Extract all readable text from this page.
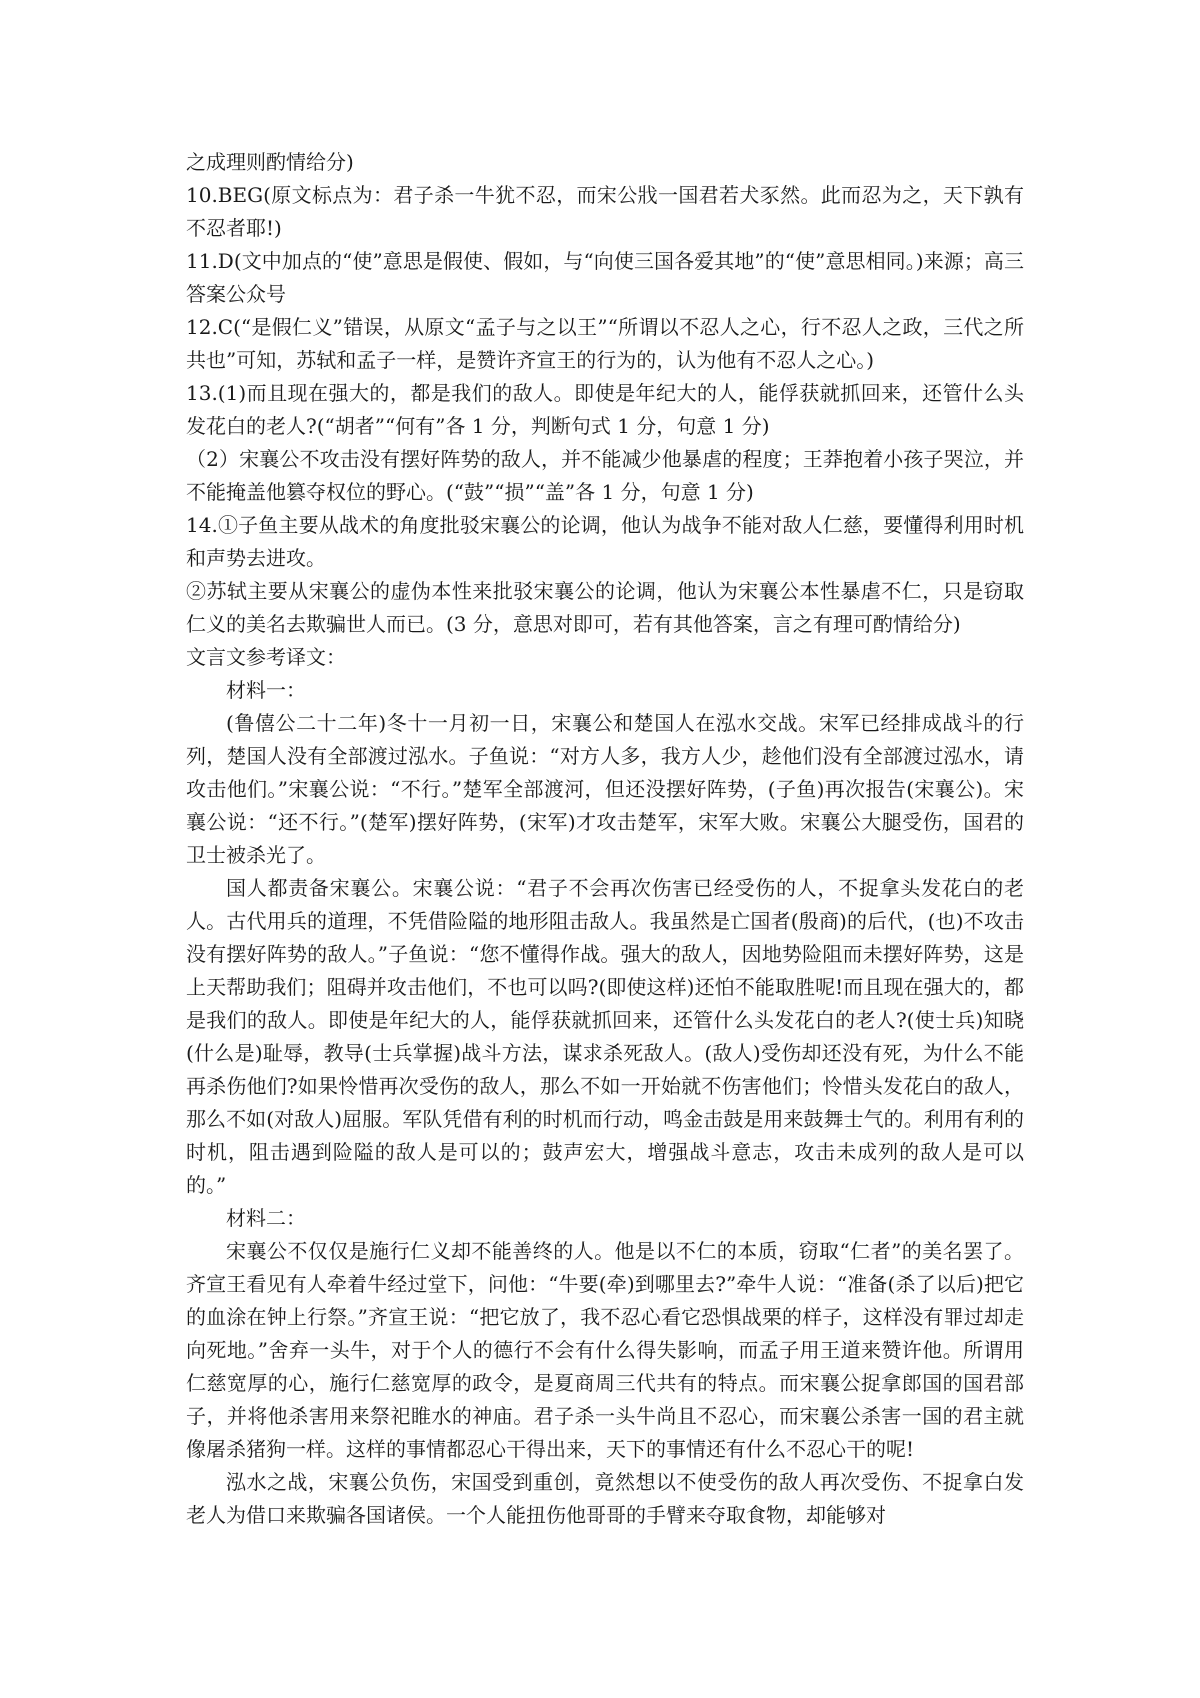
之成理则酌情给分)

10.BEG(原文标点为：君子杀一牛犹不忍，而宋公戕一国君若犬豕然。此而忍为之，天下孰有不忍者耶!)

11.D(文中加点的“使”意思是假使、假如，与“向使三国各爱其地”的“使”意思相同。)来源；高三答案公众号

12.C(“是假仁义”错误，从原文“孟子与之以王”“所谓以不忍人之心，行不忍人之政，三代之所共也”可知，苏轼和孟子一样，是赞许齐宣王的行为的，认为他有不忍人之心。)

13.(1)而且现在强大的，都是我们的敌人。即使是年纪大的人，能俘获就抓回来，还管什么头发花白的老人?(“胡者”“何有”各 1 分，判断句式 1 分，句意 1 分)

（2）宋襄公不攻击没有摆好阵势的敌人，并不能减少他暴虐的程度；王莽抱着小孩子哭泣，并不能掩盖他篡夺权位的野心。(“鼓”“损”“盖”各 1 分，句意 1 分)

14.①子鱼主要从战术的角度批驳宋襄公的论调，他认为战争不能对敌人仁慈，要懂得利用时机和声势去进攻。

②苏轼主要从宋襄公的虚伪本性来批驳宋襄公的论调，他认为宋襄公本性暴虐不仁，只是窃取仁义的美名去欺骗世人而已。(3 分，意思对即可，若有其他答案，言之有理可酌情给分)

文言文参考译文：

材料一：

(鲁僖公二十二年)冬十一月初一日，宋襄公和楚国人在泓水交战。宋军已经排成战斗的行列，楚国人没有全部渡过泓水。子鱼说：“对方人多，我方人少，趁他们没有全部渡过泓水，请攻击他们。”宋襄公说：“不行。”楚军全部渡河，但还没摆好阵势，(子鱼)再次报告(宋襄公)。宋襄公说：“还不行。”(楚军)摆好阵势，(宋军)才攻击楚军，宋军大败。宋襄公大腿受伤，国君的卫士被杀光了。

国人都责备宋襄公。宋襄公说：“君子不会再次伤害已经受伤的人，不捉拿头发花白的老人。古代用兵的道理，不凭借险隘的地形阻击敌人。我虽然是亡国者(殷商)的后代，(也)不攻击没有摆好阵势的敌人。”子鱼说：“您不懂得作战。强大的敌人，因地势险阻而未摆好阵势，这是上天帮助我们；阻碍并攻击他们，不也可以吗?(即使这样)还怕不能取胜呢!而且现在强大的，都是我们的敌人。即使是年纪大的人，能俘获就抓回来，还管什么头发花白的老人?(使士兵)知晓(什么是)耻辱，教导(士兵掌握)战斗方法，谋求杀死敌人。(敌人)受伤却还没有死，为什么不能再杀伤他们?如果怜惜再次受伤的敌人，那么不如一开始就不伤害他们；怜惜头发花白的敌人，那么不如(对敌人)屈服。军队凭借有利的时机而行动，鸣金击鼓是用来鼓舞士气的。利用有利的时机，阻击遇到险隘的敌人是可以的；鼓声宏大，增强战斗意志，攻击未成列的敌人是可以的。”

材料二：

宋襄公不仅仅是施行仁义却不能善终的人。他是以不仁的本质，窃取“仁者”的美名罢了。齐宣王看见有人牵着牛经过堂下，问他：“牛要(牵)到哪里去?”牵牛人说：“准备(杀了以后)把它的血涂在钟上行祭。”齐宣王说：“把它放了，我不忍心看它恐惧战栗的样子，这样没有罪过却走向死地。”舍弃一头牛，对于个人的德行不会有什么得失影响，而孟子用王道来赞许他。所谓用仁慈宽厚的心，施行仁慈宽厚的政令，是夏商周三代共有的特点。而宋襄公捉拿郎国的国君部子，并将他杀害用来祭祀睢水的神庙。君子杀一头牛尚且不忍心，而宋襄公杀害一国的君主就像屠杀猪狗一样。这样的事情都忍心干得出来，天下的事情还有什么不忍心干的呢!

泓水之战，宋襄公负伤，宋国受到重创，竟然想以不使受伤的敌人再次受伤、不捉拿白发老人为借口来欺骗各国诸侯。一个人能扭伤他哥哥的手臂来夺取食物，却能够对
